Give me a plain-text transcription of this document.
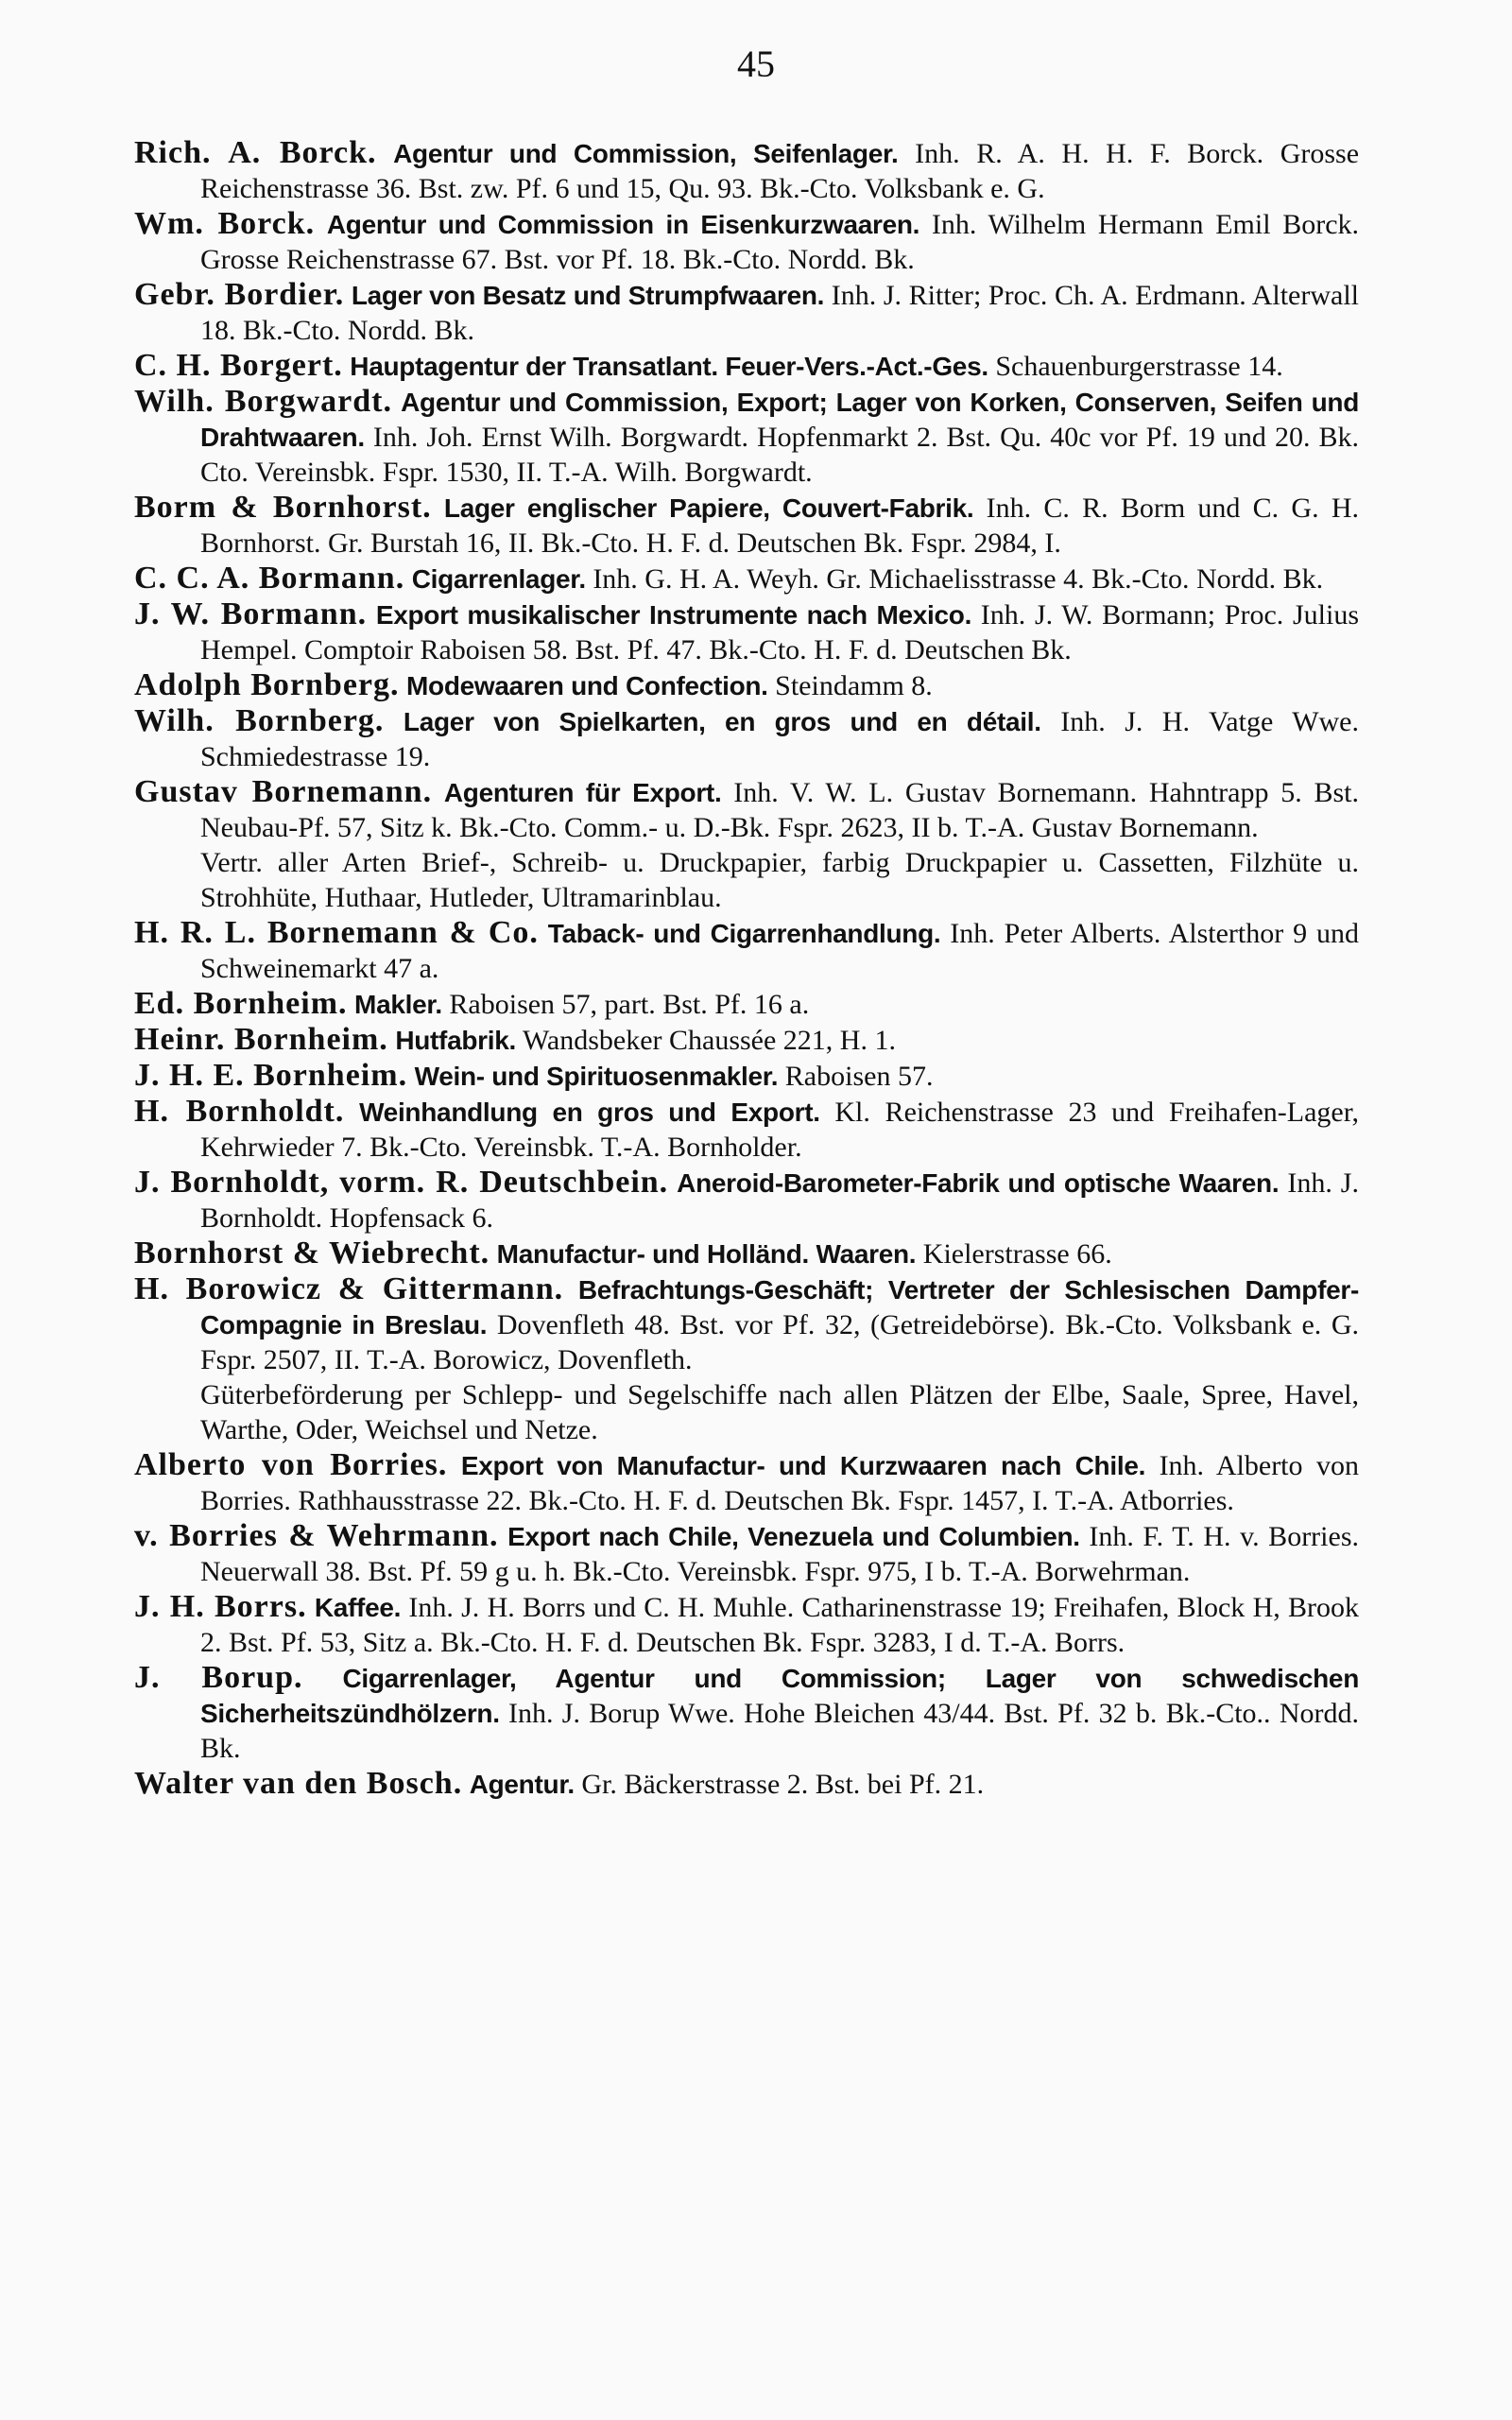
45

Rich. A. Borck. Agentur und Commission, Seifenlager. Inh. R. A. H. H. F. Borck. Grosse Reichenstrasse 36. Bst. zw. Pf. 6 und 15, Qu. 93. Bk.-Cto. Volksbank e. G.

Wm. Borck. Agentur und Commission in Eisenkurzwaaren. Inh. Wilhelm Hermann Emil Borck. Grosse Reichenstrasse 67. Bst. vor Pf. 18. Bk.-Cto. Nordd. Bk.

Gebr. Bordier. Lager von Besatz und Strumpfwaaren. Inh. J. Ritter; Proc. Ch. A. Erdmann. Alterwall 18. Bk.-Cto. Nordd. Bk.

C. H. Borgert. Hauptagentur der Transatlant. Feuer-Vers.-Act.-Ges. Schauenburgerstrasse 14.

Wilh. Borgwardt. Agentur und Commission, Export; Lager von Korken, Conserven, Seifen und Drahtwaaren. Inh. Joh. Ernst Wilh. Borgwardt. Hopfenmarkt 2. Bst. Qu. 40c vor Pf. 19 und 20. Bk. Cto. Vereinsbk. Fspr. 1530, II. T.-A. Wilh. Borgwardt.

Borm & Bornhorst. Lager englischer Papiere, Couvert-Fabrik. Inh. C. R. Borm und C. G. H. Bornhorst. Gr. Burstah 16, II. Bk.-Cto. H. F. d. Deutschen Bk. Fspr. 2984, I.

C. C. A. Bormann. Cigarrenlager. Inh. G. H. A. Weyh. Gr. Michaelisstrasse 4. Bk.-Cto. Nordd. Bk.

J. W. Bormann. Export musikalischer Instrumente nach Mexico. Inh. J. W. Bormann; Proc. Julius Hempel. Comptoir Raboisen 58. Bst. Pf. 47. Bk.-Cto. H. F. d. Deutschen Bk.

Adolph Bornberg. Modewaaren und Confection. Steindamm 8.

Wilh. Bornberg. Lager von Spielkarten, en gros und en détail. Inh. J. H. Vatge Wwe. Schmiedestrasse 19.

Gustav Bornemann. Agenturen für Export. Inh. V. W. L. Gustav Bornemann. Hahntrapp 5. Bst. Neubau-Pf. 57, Sitz k. Bk.-Cto. Comm.- u. D.-Bk. Fspr. 2623, II b. T.-A. Gustav Bornemann.
Vertr. aller Arten Brief-, Schreib- u. Druckpapier, farbig Druckpapier u. Cassetten, Filzhüte u. Strohhüte, Huthaar, Hutleder, Ultramarinblau.

H. R. L. Bornemann & Co. Taback- und Cigarrenhandlung. Inh. Peter Alberts. Alsterthor 9 und Schweinemarkt 47 a.

Ed. Bornheim. Makler. Raboisen 57, part. Bst. Pf. 16 a.

Heinr. Bornheim. Hutfabrik. Wandsbeker Chaussée 221, H. 1.

J. H. E. Bornheim. Wein- und Spirituosenmakler. Raboisen 57.

H. Bornholdt. Weinhandlung en gros und Export. Kl. Reichenstrasse 23 und Freihafen-Lager, Kehrwieder 7. Bk.-Cto. Vereinsbk. T.-A. Bornholder.

J. Bornholdt, vorm. R. Deutschbein. Aneroid-Barometer-Fabrik und optische Waaren. Inh. J. Bornholdt. Hopfensack 6.

Bornhorst & Wiebrecht. Manufactur- und Holländ. Waaren. Kielerstrasse 66.

H. Borowicz & Gittermann. Befrachtungs-Geschäft; Vertreter der Schlesischen Dampfer-Compagnie in Breslau. Dovenfleth 48. Bst. vor Pf. 32, (Getreidebörse). Bk.-Cto. Volksbank e. G. Fspr. 2507, II. T.-A. Borowicz, Dovenfleth.
Güterbeförderung per Schlepp- und Segelschiffe nach allen Plätzen der Elbe, Saale, Spree, Havel, Warthe, Oder, Weichsel und Netze.

Alberto von Borries. Export von Manufactur- und Kurzwaaren nach Chile. Inh. Alberto von Borries. Rathhausstrasse 22. Bk.-Cto. H. F. d. Deutschen Bk. Fspr. 1457, I. T.-A. Atborries.

v. Borries & Wehrmann. Export nach Chile, Venezuela und Columbien. Inh. F. T. H. v. Borries. Neuerwall 38. Bst. Pf. 59 g u. h. Bk.-Cto. Vereinsbk. Fspr. 975, I b. T.-A. Borwehrman.

J. H. Borrs. Kaffee. Inh. J. H. Borrs und C. H. Muhle. Catharinenstrasse 19; Freihafen, Block H, Brook 2. Bst. Pf. 53, Sitz a. Bk.-Cto. H. F. d. Deutschen Bk. Fspr. 3283, I d. T.-A. Borrs.

J. Borup. Cigarrenlager, Agentur und Commission; Lager von schwedischen Sicherheitszündhölzern. Inh. J. Borup Wwe. Hohe Bleichen 43/44. Bst. Pf. 32 b. Bk.-Cto.. Nordd. Bk.

Walter van den Bosch. Agentur. Gr. Bäckerstrasse 2. Bst. bei Pf. 21.
